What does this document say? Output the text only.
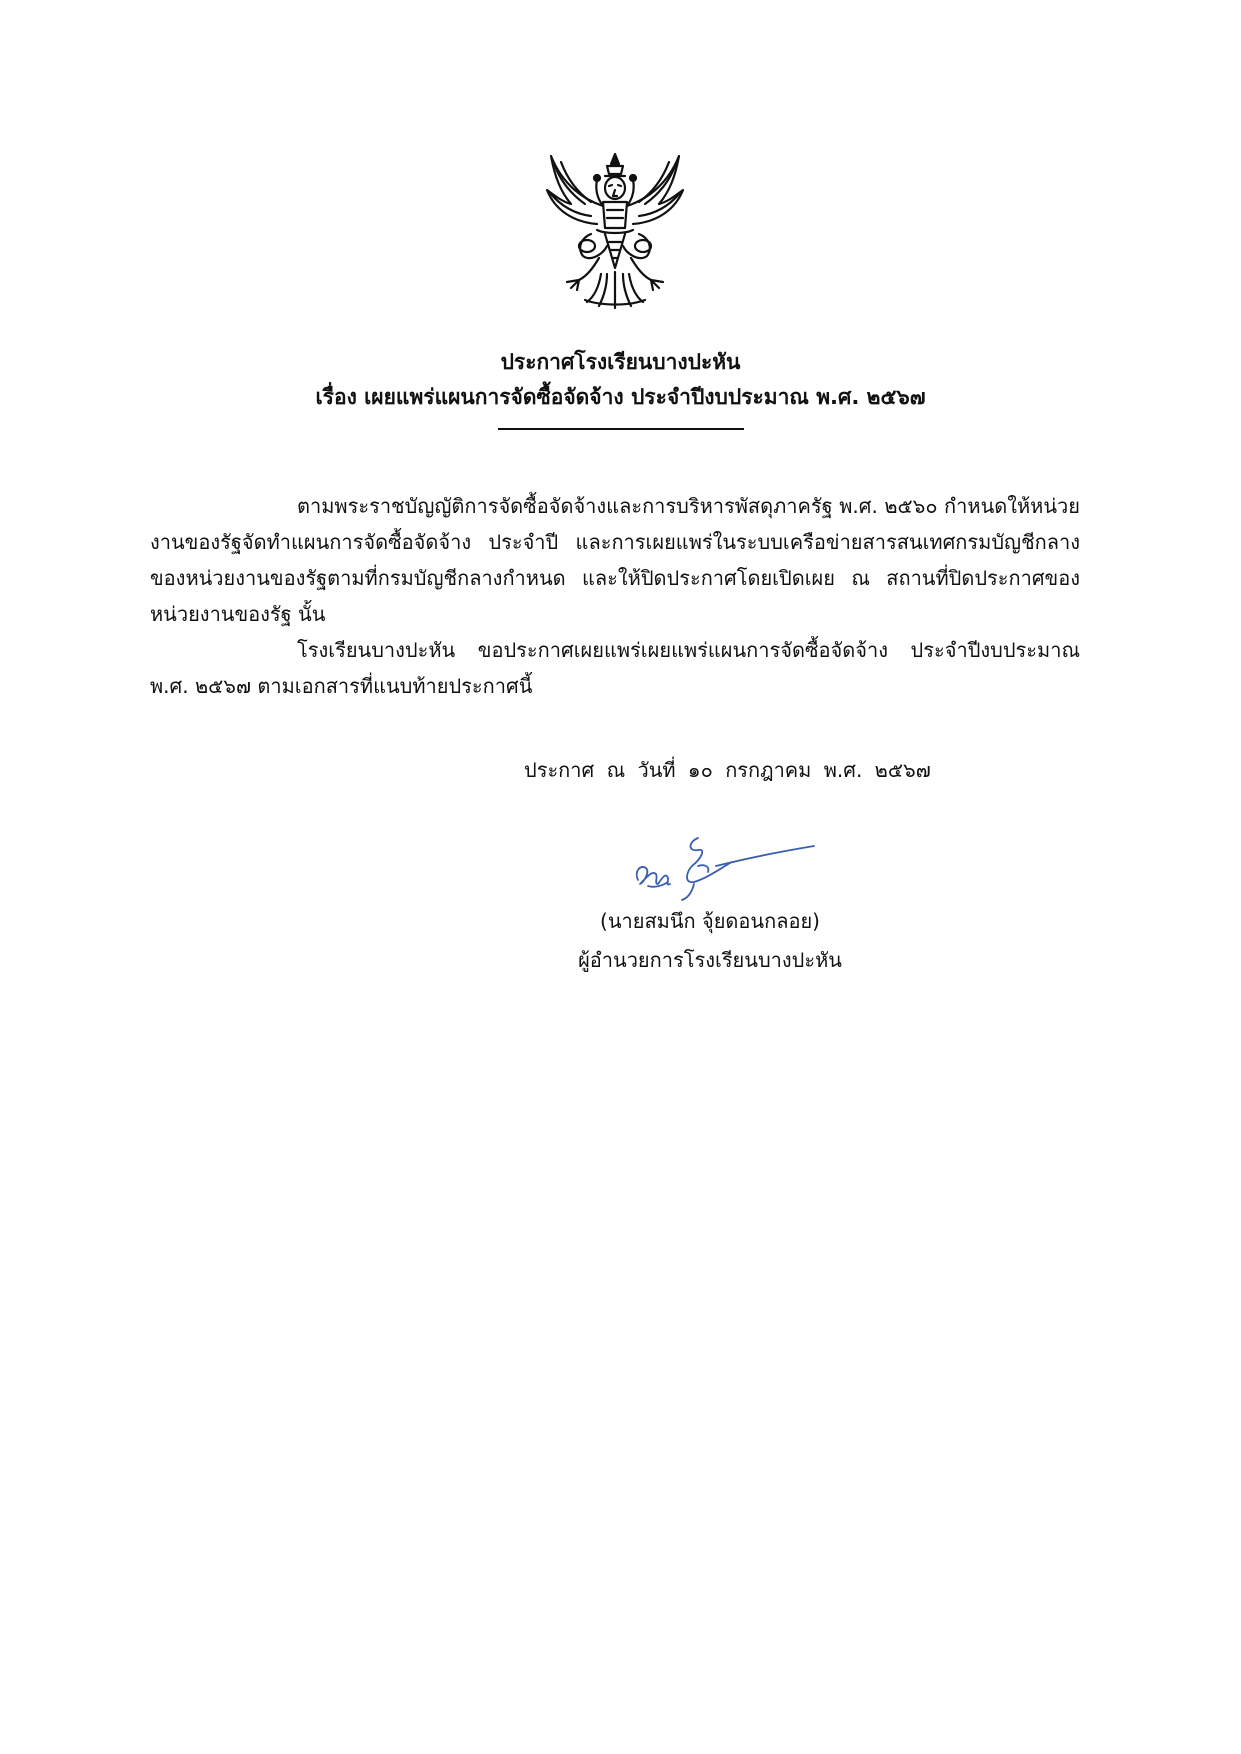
ประกาศโรงเรียนบางปะหัน
เรื่อง เผยแพร่แผนการจัดซื้อจัดจ้าง ประจำปีงบประมาณ พ.ศ. ๒๕๖๗
ตามพระราชบัญญัติการจัดซื้อจัดจ้างและการบริหารพัสดุภาครัฐ พ.ศ. ๒๕๖๐ กำหนดให้หน่วยงานของรัฐจัดทำแผนการจัดซื้อจัดจ้าง ประจำปี และการเผยแพร่ในระบบเครือข่ายสารสนเทศกรมบัญชีกลางของหน่วยงานของรัฐตามที่กรมบัญชีกลางกำหนด และให้ปิดประกาศโดยเปิดเผย ณ สถานที่ปิดประกาศของหน่วยงานของรัฐ นั้น
โรงเรียนบางปะหัน ขอประกาศเผยแพร่เผยแพร่แผนการจัดซื้อจัดจ้าง ประจำปีงบประมาณ พ.ศ. ๒๕๖๗ ตามเอกสารที่แนบท้ายประกาศนี้
ประกาศ ณ วันที่ ๑๐ กรกฎาคม พ.ศ. ๒๕๖๗
(นายสมนึก จุ้ยดอนกลอย)
ผู้อำนวยการโรงเรียนบางปะหัน
